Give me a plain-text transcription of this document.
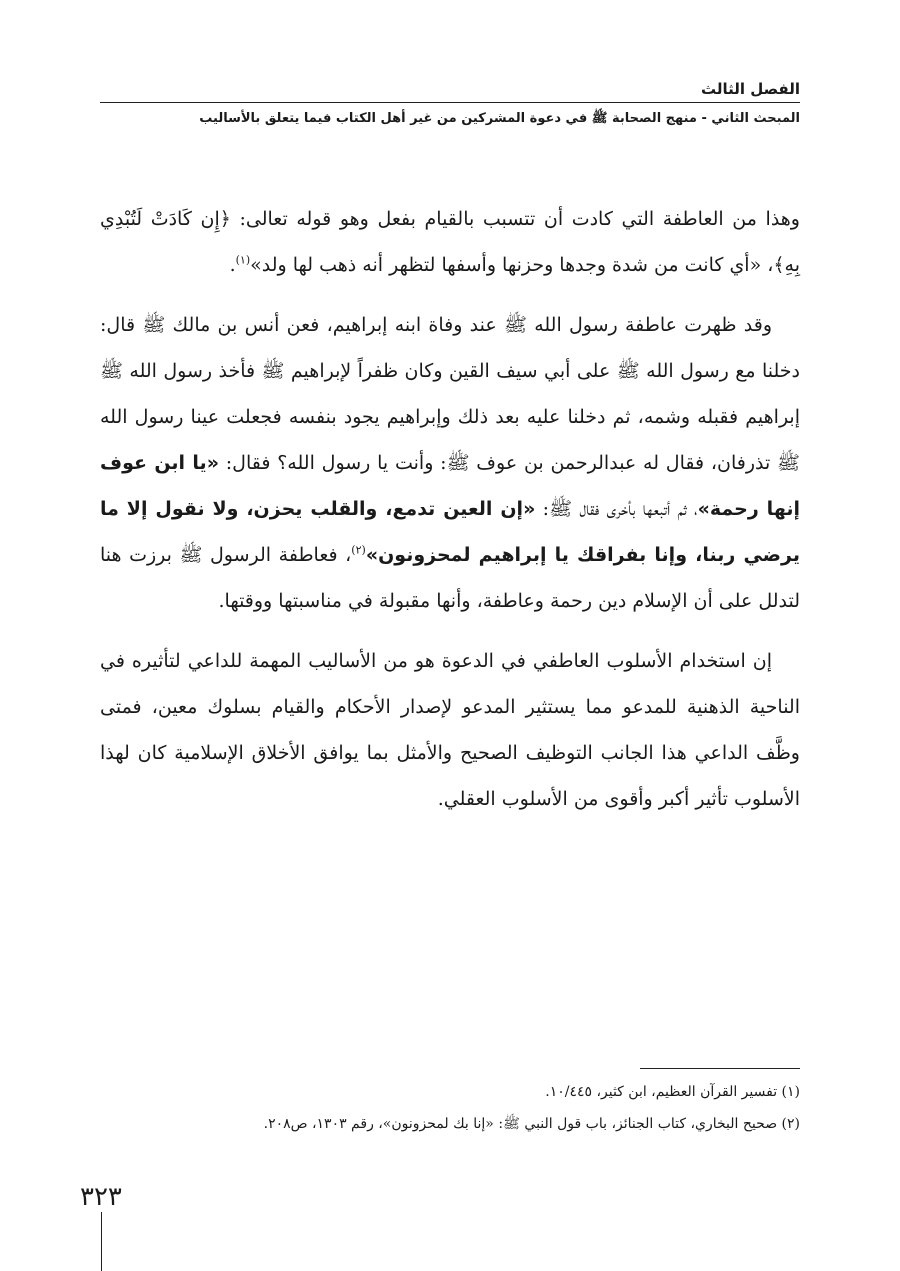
الفصل الثالث

المبحث الثاني - منهج الصحابة ﷺ في دعوة المشركين من غير أهل الكتاب فيما يتعلق بالأساليب

وهذا من العاطفة التي كادت أن تتسبب بالقيام بفعل وهو قوله تعالى: ﴿إِن كَادَتْ لَتُبْدِي بِهِ﴾، «أي كانت من شدة وجدها وحزنها وأسفها لتظهر أنه ذهب لها ولد»$^{(١)}$.

وقد ظهرت عاطفة رسول الله ﷺ عند وفاة ابنه إبراهيم، فعن أنس بن مالك ﷺ قال: دخلنا مع رسول الله ﷺ على أبي سيف القين وكان ظفراً لإبراهيم ﷺ فأخذ رسول الله ﷺ إبراهيم فقبله وشمه، ثم دخلنا عليه بعد ذلك وإبراهيم يجود بنفسه فجعلت عينا رسول الله ﷺ تذرفان، فقال له عبدالرحمن بن عوف ﷺ: وأنت يا رسول الله؟ فقال: «يا ابن عوف إنها رحمة»، ثم أتبعها بأخرى فقال ﷺ: «إن العين تدمع، والقلب يحزن، ولا نقول إلا ما يرضي ربنا، وإنا بفراقك يا إبراهيم لمحزونون»$^{(٢)}$، فعاطفة الرسول ﷺ برزت هنا لتدلل على أن الإسلام دين رحمة وعاطفة، وأنها مقبولة في مناسبتها ووقتها.

إن استخدام الأسلوب العاطفي في الدعوة هو من الأساليب المهمة للداعي لتأثيره في الناحية الذهنية للمدعو مما يستثير المدعو لإصدار الأحكام والقيام بسلوك معين، فمتى وظَّف الداعي هذا الجانب التوظيف الصحيح والأمثل بما يوافق الأخلاق الإسلامية كان لهذا الأسلوب تأثير أكبر وأقوى من الأسلوب العقلي.

(١) تفسير القرآن العظيم، ابن كثير، ١٠/٤٤٥.
(٢) صحيح البخاري، كتاب الجنائز، باب قول النبي ﷺ: «إنا بك لمحزونون»، رقم ١٣٠٣، ص٢٠٨.
٣٢٣
